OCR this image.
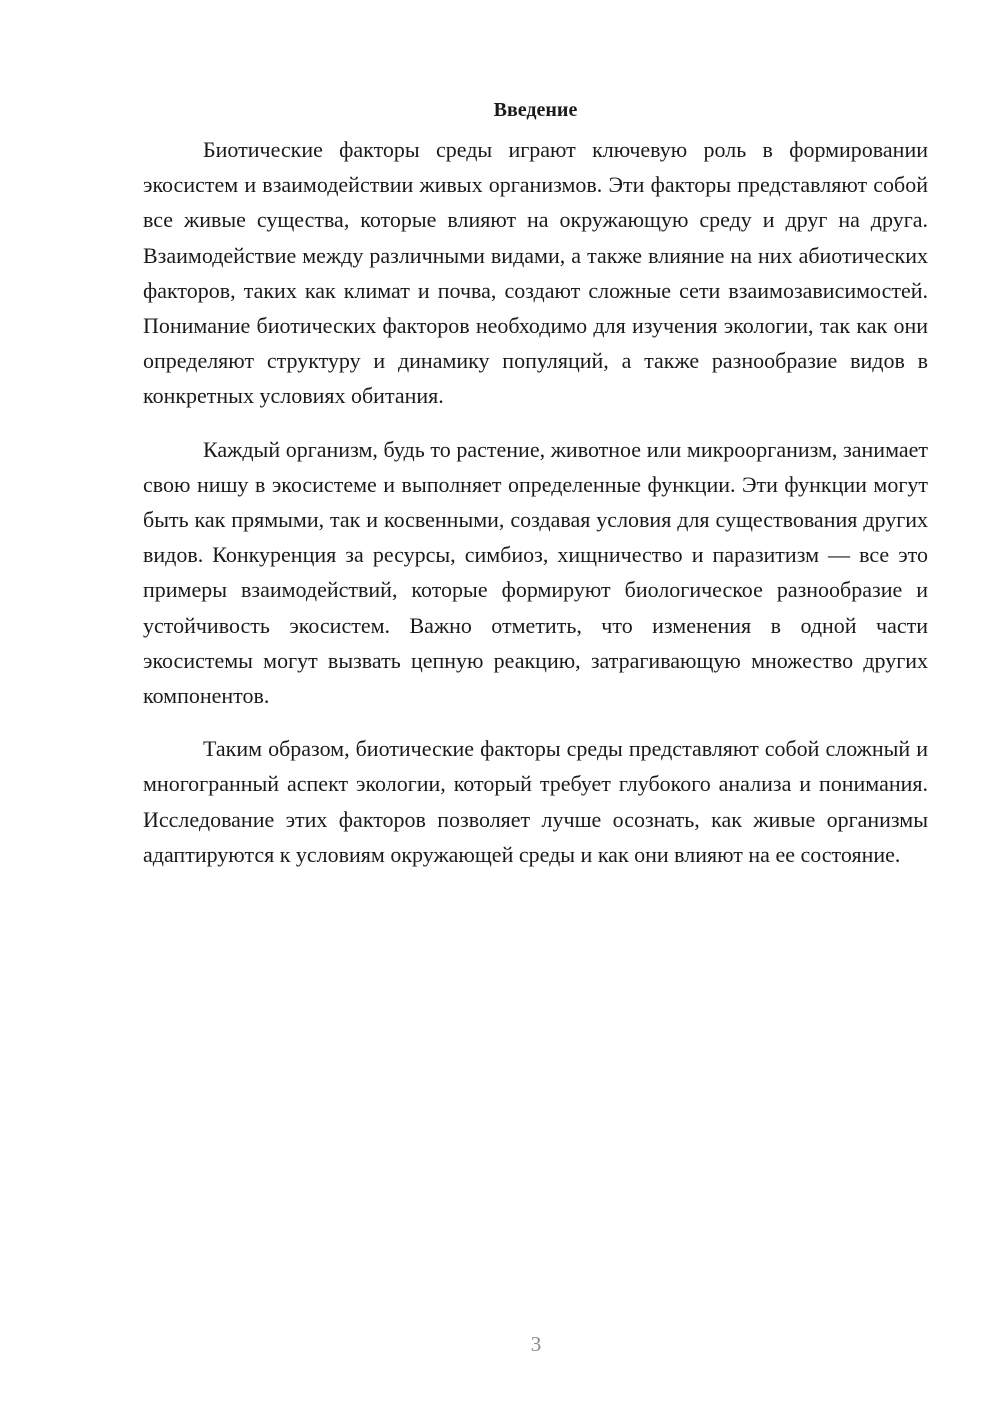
Введение

Биотические факторы среды играют ключевую роль в формировании экосистем и взаимодействии живых организмов. Эти факторы представляют собой все живые существа, которые влияют на окружающую среду и друг на друга. Взаимодействие между различными видами, а также влияние на них абиотических факторов, таких как климат и почва, создают сложные сети взаимозависимостей. Понимание биотических факторов необходимо для изучения экологии, так как они определяют структуру и динамику популяций, а также разнообразие видов в конкретных условиях обитания.

Каждый организм, будь то растение, животное или микроорганизм, занимает свою нишу в экосистеме и выполняет определенные функции. Эти функции могут быть как прямыми, так и косвенными, создавая условия для существования других видов. Конкуренция за ресурсы, симбиоз, хищничество и паразитизм — все это примеры взаимодействий, которые формируют биологическое разнообразие и устойчивость экосистем. Важно отметить, что изменения в одной части экосистемы могут вызвать цепную реакцию, затрагивающую множество других компонентов.

Таким образом, биотические факторы среды представляют собой сложный и многогранный аспект экологии, который требует глубокого анализа и понимания. Исследование этих факторов позволяет лучше осознать, как живые организмы адаптируются к условиям окружающей среды и как они влияют на ее состояние.

3
